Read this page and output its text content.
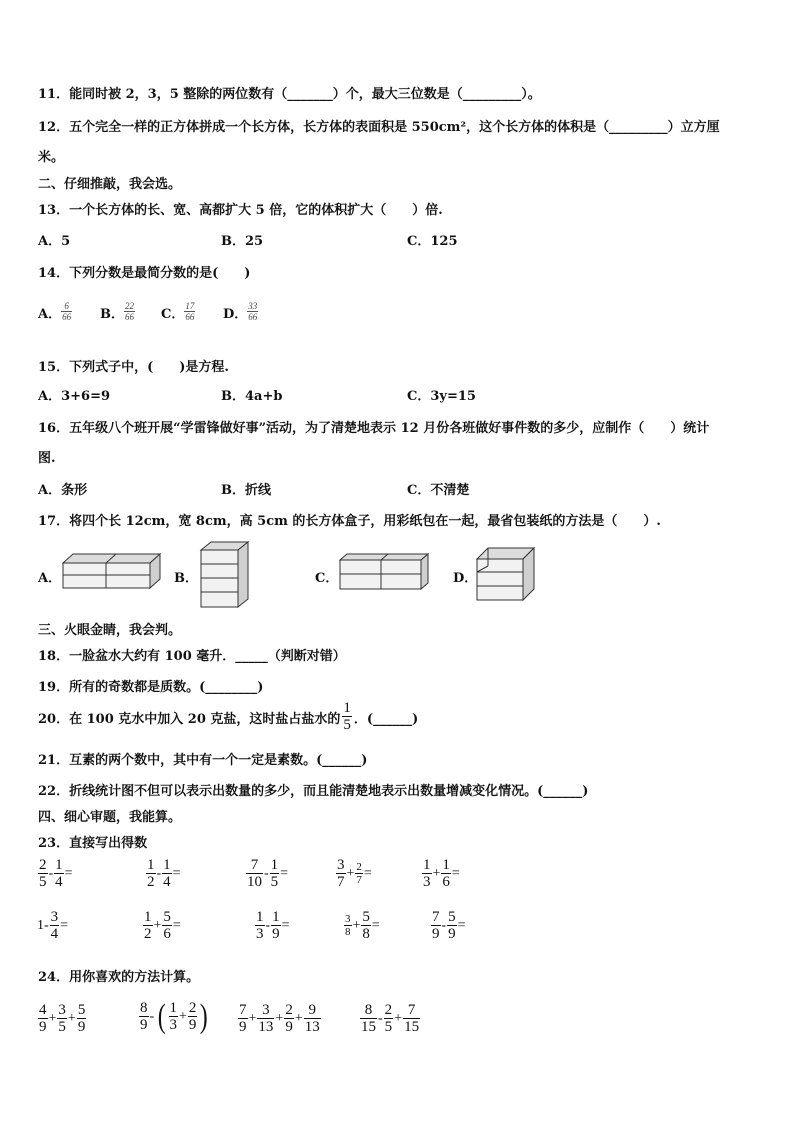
11．能同时被 2，3，5 整除的两位数有（_______）个，最大三位数是（_________）。
12．五个完全一样的正方体拼成一个长方体，长方体的表面积是 550cm²，这个长方体的体积是（_________）立方厘
米。
二、仔细推敲，我会选。
13．一个长方体的长、宽、高都扩大 5 倍，它的体积扩大（　　）倍.
A．5	B．25	C．125
14．下列分数是最简分数的是(　　)
A． $\frac{6}{66}$ B． $\frac{22}{66}$ C． $\frac{17}{66}$ D． $\frac{33}{66}$
15．下列式子中，(　　)是方程.
A．3+6=9	B．4a+b	C．3y=15
16．五年级八个班开展“学雷锋做好事”活动，为了清楚地表示 12 月份各班做好事件数的多少，应制作（　　）统计
图.
A．条形	B．折线	C．不清楚
17．将四个长 12cm，宽 8cm，高 5cm 的长方体盒子，用彩纸包在一起，最省包装纸的方法是（　　）.
A．	B．	C．	D．
三、火眼金睛，我会判。
18．一脸盆水大约有 100 毫升．_____（判断对错）
19．所有的奇数都是质数。(________)
20．在 100 克水中加入 20 克盐，这时盐占盐水的 $\frac{1}{5}$ ．(______)
21．互素的两个数中，其中有一个一定是素数。(______)
22．折线统计图不但可以表示出数量的多少，而且能清楚地表示出数量增减变化情况。(______)
四、细心审题，我能算。
23．直接写出得数
$\frac{2}{5} - \frac{1}{4}$ =	$\frac{1}{2} - \frac{1}{4}$ =	$\frac{7}{10} - \frac{1}{5}$ =	$\frac{3}{7} + \frac{2}{7}$ =	$\frac{1}{3} + \frac{1}{6}$ =
$1- \frac{3}{4}$ =	$\frac{1}{2} + \frac{5}{6}$ =	$\frac{1}{3} - \frac{1}{9}$ =	$\frac{3}{8} + \frac{5}{8}$ =	$\frac{7}{9} - \frac{5}{9}$ =
24．用你喜欢的方法计算。
$\frac{4}{9} + \frac{3}{5} + \frac{5}{9}$	$\frac{8}{9}$ - ( $\frac{1}{3} + \frac{2}{9}$ ) $\frac{7}{9} + \frac{3}{13} + \frac{2}{9} + \frac{9}{13}$	$\frac{8}{15} - \frac{2}{5} + \frac{7}{15}$
